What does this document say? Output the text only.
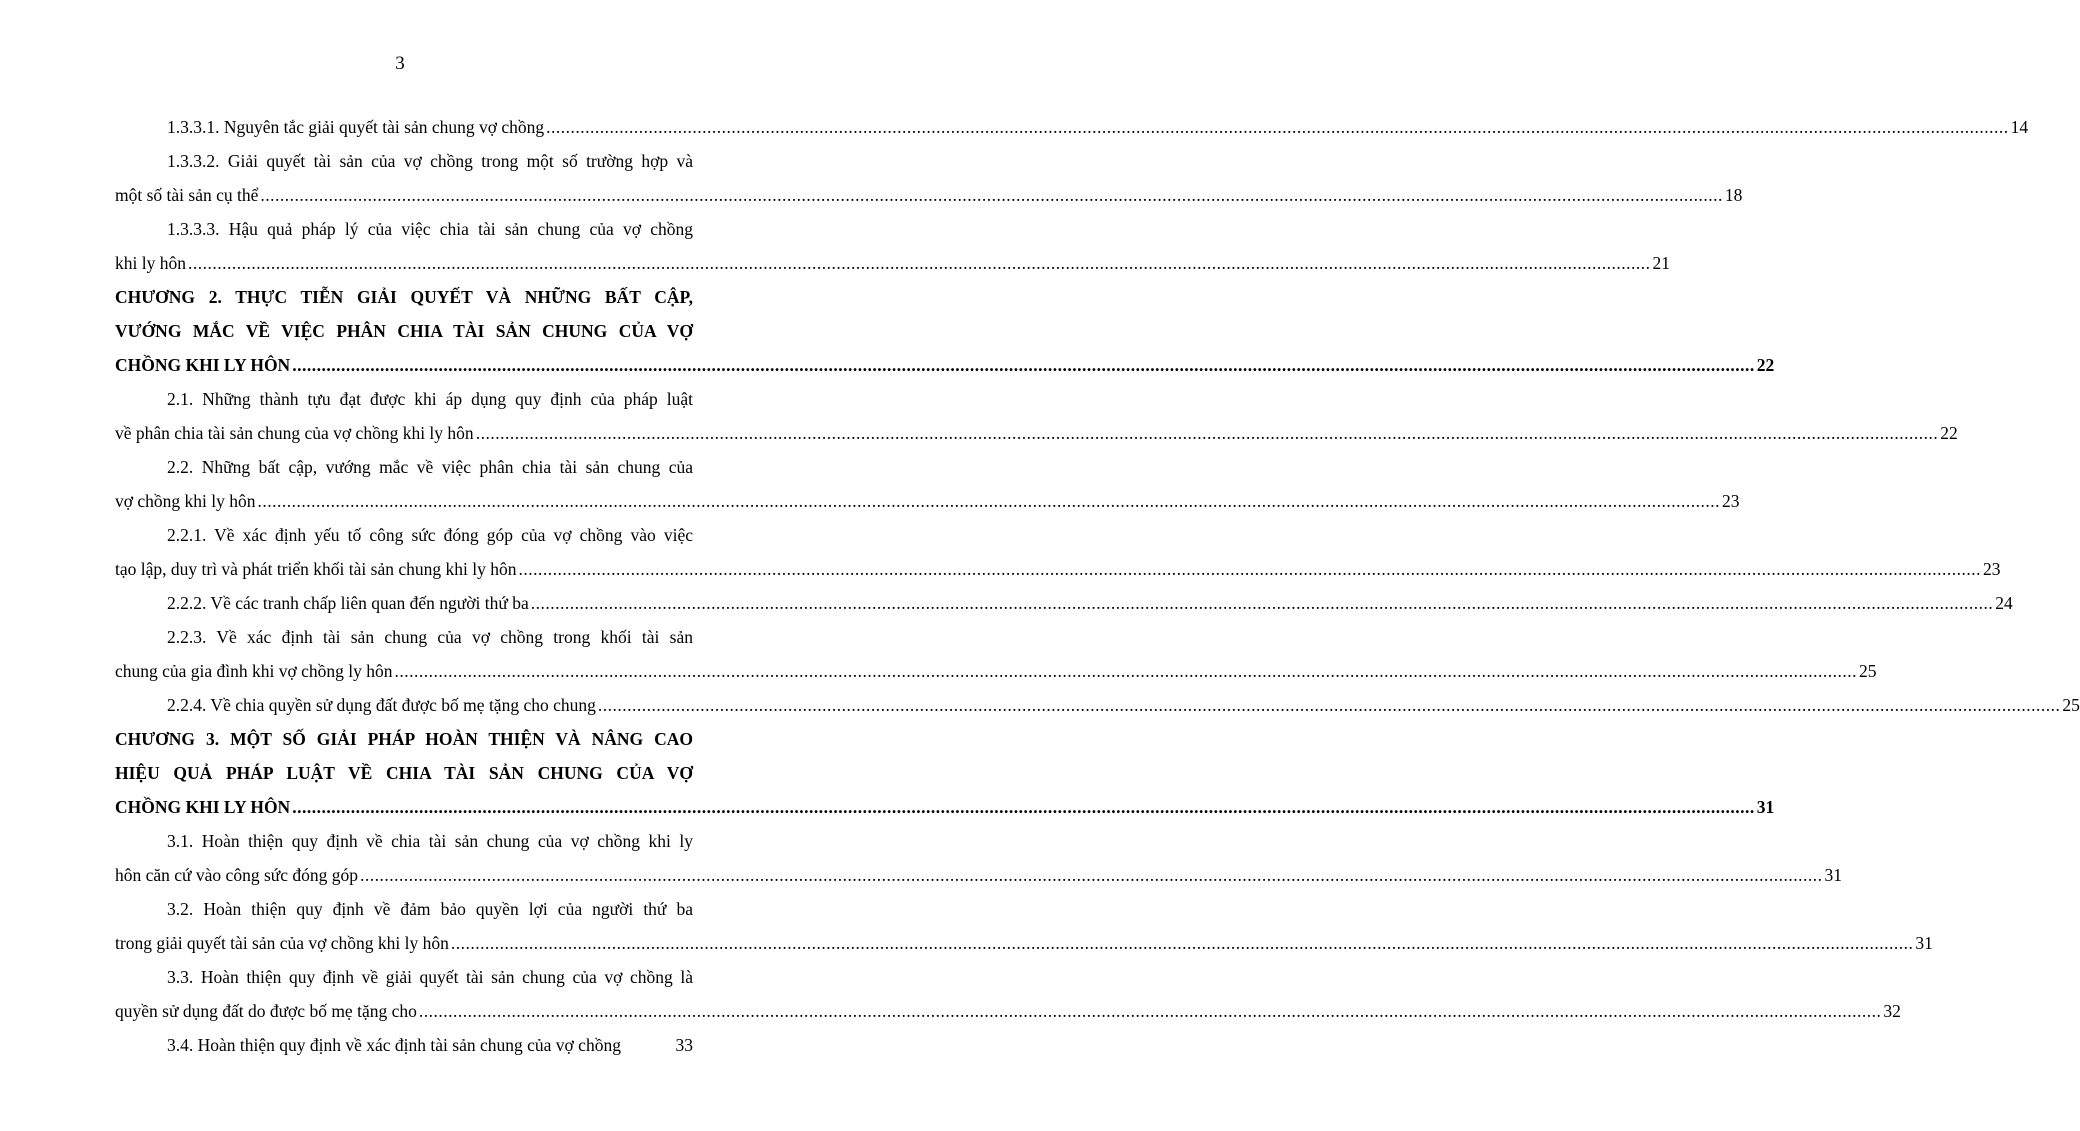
3
1.3.3.1. Nguyên tắc giải quyết tài sản chung vợ chồng ............................................................................................................................................................................................................................................................................................................ 14
1.3.3.2. Giải quyết tài sản của vợ chồng trong một số trường hợp và
một số tài sản cụ thể ............................................................................................................................................................................................................................................................................................................ 18
1.3.3.3. Hậu quả pháp lý của việc chia tài sản chung của vợ chồng
khi ly hôn ............................................................................................................................................................................................................................................................................................................ 21
CHƯƠNG 2. THỰC TIỄN GIẢI QUYẾT VÀ NHỮNG BẤT CẬP,
VƯỚNG MẮC VỀ VIỆC PHÂN CHIA TÀI SẢN CHUNG CỦA VỢ
CHỒNG KHI LY HÔN ............................................................................................................................................................................................................................................................................................................ 22
2.1. Những thành tựu đạt được khi áp dụng quy định của pháp luật
về phân chia tài sản chung của vợ chồng khi ly hôn ............................................................................................................................................................................................................................................................................................................ 22
2.2. Những bất cập, vướng mắc về việc phân chia tài sản chung của
vợ chồng khi ly hôn ............................................................................................................................................................................................................................................................................................................ 23
2.2.1. Về xác định yếu tố công sức đóng góp của vợ chồng vào việc
tạo lập, duy trì và phát triển khối tài sản chung khi ly hôn ............................................................................................................................................................................................................................................................................................................ 23
2.2.2. Về các tranh chấp liên quan đến người thứ ba ............................................................................................................................................................................................................................................................................................................ 24
2.2.3. Về xác định tài sản chung của vợ chồng trong khối tài sản
chung của gia đình khi vợ chồng ly hôn ............................................................................................................................................................................................................................................................................................................ 25
2.2.4. Về chia quyền sử dụng đất được bố mẹ tặng cho chung ............................................................................................................................................................................................................................................................................................................ 25
CHƯƠNG 3. MỘT SỐ GIẢI PHÁP HOÀN THIỆN VÀ NÂNG CAO
HIỆU QUẢ PHÁP LUẬT VỀ CHIA TÀI SẢN CHUNG CỦA VỢ
CHỒNG KHI LY HÔN ............................................................................................................................................................................................................................................................................................................ 31
3.1. Hoàn thiện quy định về chia tài sản chung của vợ chồng khi ly
hôn căn cứ vào công sức đóng góp ............................................................................................................................................................................................................................................................................................................ 31
3.2. Hoàn thiện quy định về đảm bảo quyền lợi của người thứ ba
trong giải quyết tài sản của vợ chồng khi ly hôn ............................................................................................................................................................................................................................................................................................................ 31
3.3. Hoàn thiện quy định về giải quyết tài sản chung của vợ chồng là
quyền sử dụng đất do được bố mẹ tặng cho ............................................................................................................................................................................................................................................................................................................ 32
3.4. Hoàn thiện quy định về xác định tài sản chung của vợ chồng	33
